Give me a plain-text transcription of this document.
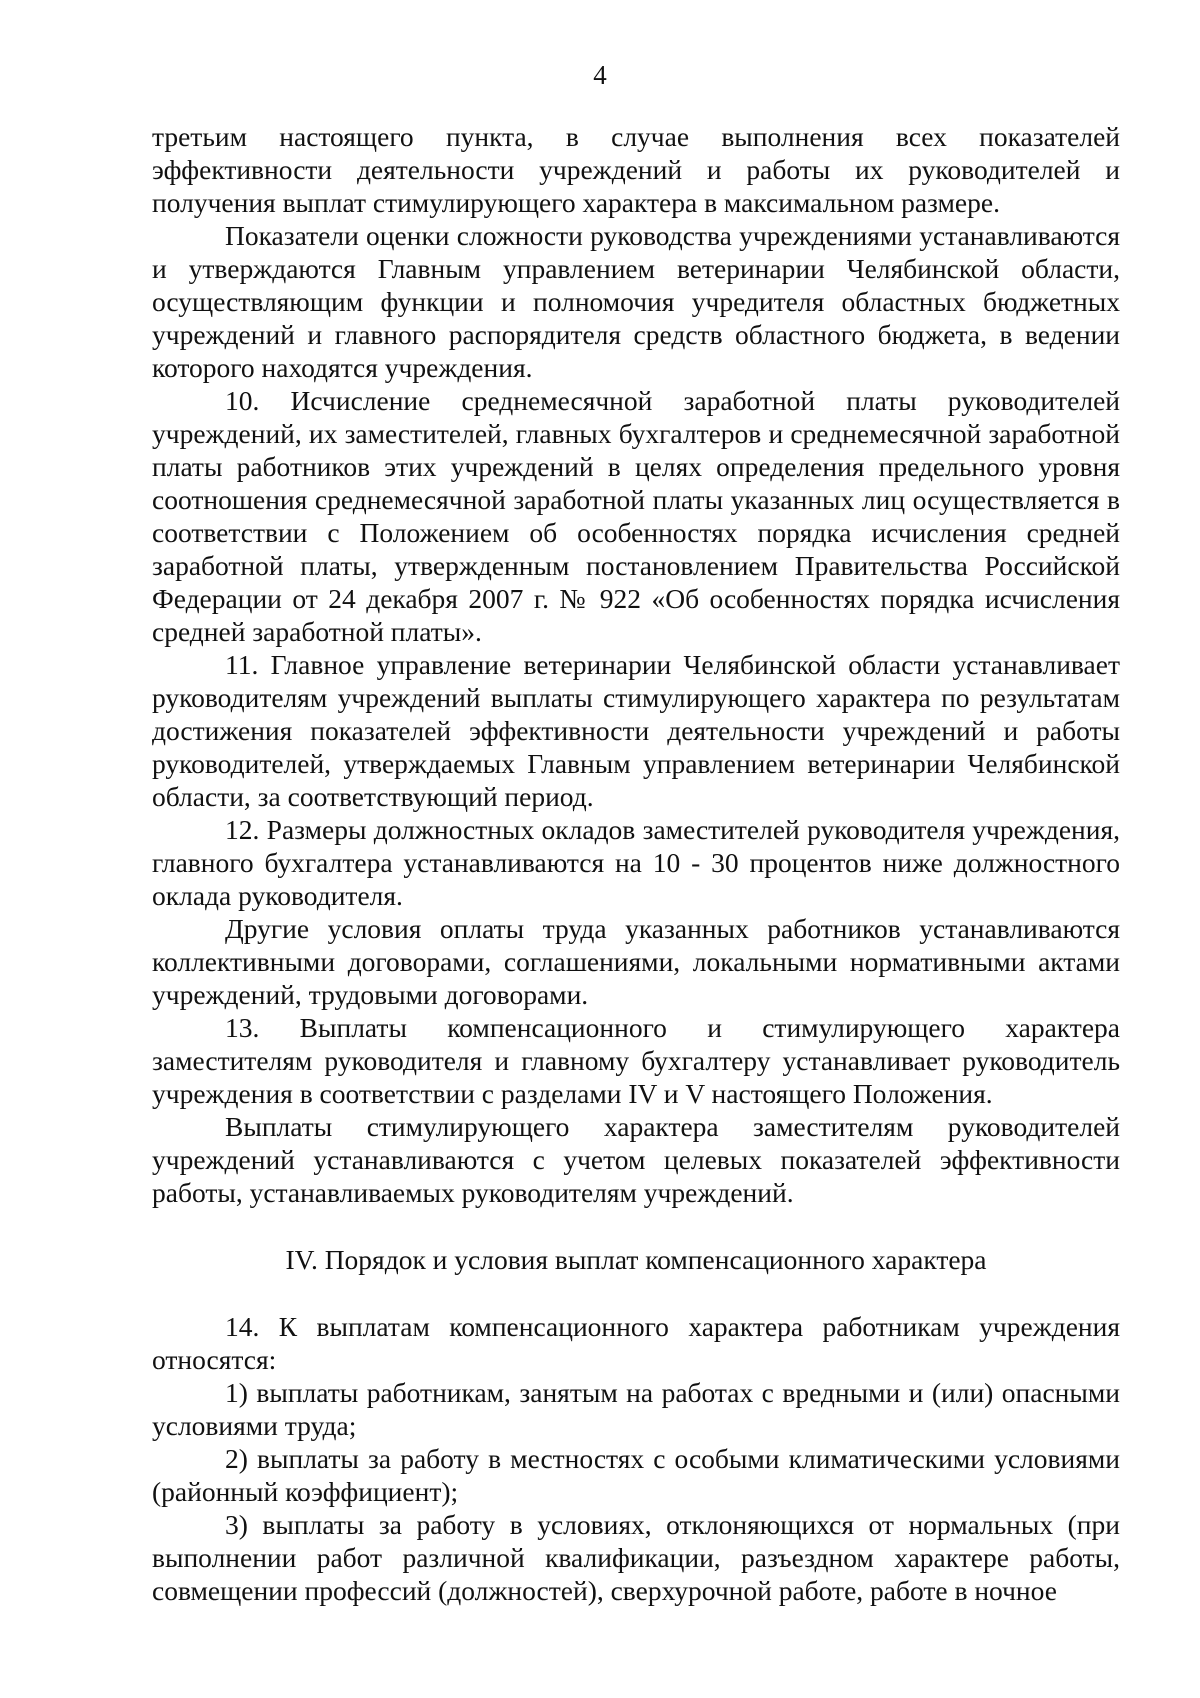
4

третьим настоящего пункта, в случае выполнения всех показателей эффективности деятельности учреждений и работы их руководителей и получения выплат стимулирующего характера в максимальном размере.

Показатели оценки сложности руководства учреждениями устанавливаются и утверждаются Главным управлением ветеринарии Челябинской области, осуществляющим функции и полномочия учредителя областных бюджетных учреждений и главного распорядителя средств областного бюджета, в ведении которого находятся учреждения.

10. Исчисление среднемесячной заработной платы руководителей учреждений, их заместителей, главных бухгалтеров и среднемесячной заработной платы работников этих учреждений в целях определения предельного уровня соотношения среднемесячной заработной платы указанных лиц осуществляется в соответствии с Положением об особенностях порядка исчисления средней заработной платы, утвержденным постановлением Правительства Российской Федерации от 24 декабря 2007 г. № 922 «Об особенностях порядка исчисления средней заработной платы».

11. Главное управление ветеринарии Челябинской области устанавливает руководителям учреждений выплаты стимулирующего характера по результатам достижения показателей эффективности деятельности учреждений и работы руководителей, утверждаемых Главным управлением ветеринарии Челябинской области, за соответствующий период.

12. Размеры должностных окладов заместителей руководителя учреждения, главного бухгалтера устанавливаются на 10 - 30 процентов ниже должностного оклада руководителя.

Другие условия оплаты труда указанных работников устанавливаются коллективными договорами, соглашениями, локальными нормативными актами учреждений, трудовыми договорами.

13. Выплаты компенсационного и стимулирующего характера заместителям руководителя и главному бухгалтеру устанавливает руководитель учреждения в соответствии с разделами IV и V настоящего Положения.

Выплаты стимулирующего характера заместителям руководителей учреждений устанавливаются с учетом целевых показателей эффективности работы, устанавливаемых руководителям учреждений.

IV. Порядок и условия выплат компенсационного характера

14. К выплатам компенсационного характера работникам учреждения относятся:

1) выплаты работникам, занятым на работах с вредными и (или) опасными условиями труда;

2) выплаты за работу в местностях с особыми климатическими условиями (районный коэффициент);

3) выплаты за работу в условиях, отклоняющихся от нормальных (при выполнении работ различной квалификации, разъездном характере работы, совмещении профессий (должностей), сверхурочной работе, работе в ночное
